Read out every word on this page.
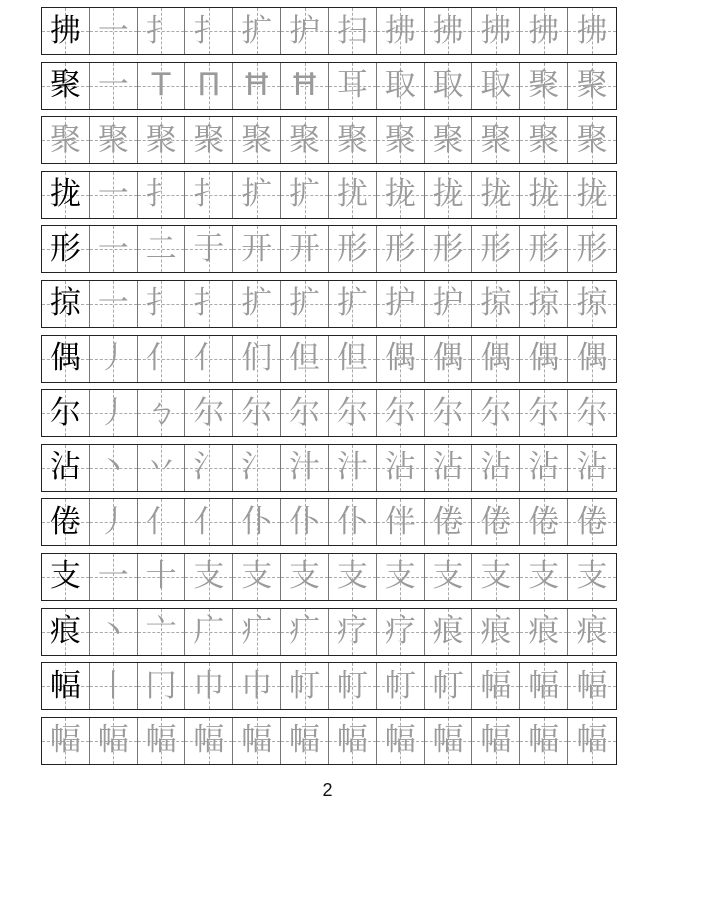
拂 一 扌 扌 扩 护 扫 拂 拂 拂 拂 拂
聚 一 T П Ħ Ħ 耳 取 取 取 聚 聚
聚 聚 聚 聚 聚 聚 聚 聚 聚 聚 聚 聚
拢 一 扌 扌 扩 扩 扰 拢 拢 拢 拢 拢
形 一 二 于 开 开 形 形 形 形 形 形
掠 一 扌 扌 扩 扩 扩 护 护 掠 掠 掠
偶 丿 亻 亻 们 但 但 偶 偶 偶 偶 偶
尔 丿 ㄅ 尔 尔 尔 尔 尔 尔 尔 尔 尔
沾 丶 丷 氵 氵 汁 汁 沾 沾 沾 沾 沾
倦 丿 亻 亻 仆 仆 仆 伴 倦 倦 倦 倦
支 一 十 支 支 支 支 支 支 支 支 支
痕 丶 亠 广 疒 疒 疗 疗 痕 痕 痕 痕
幅 丨 冂 巾 巾 帄 帄 帄 帄 幅 幅 幅
幅 幅 幅 幅 幅 幅 幅 幅 幅 幅 幅 幅
2
